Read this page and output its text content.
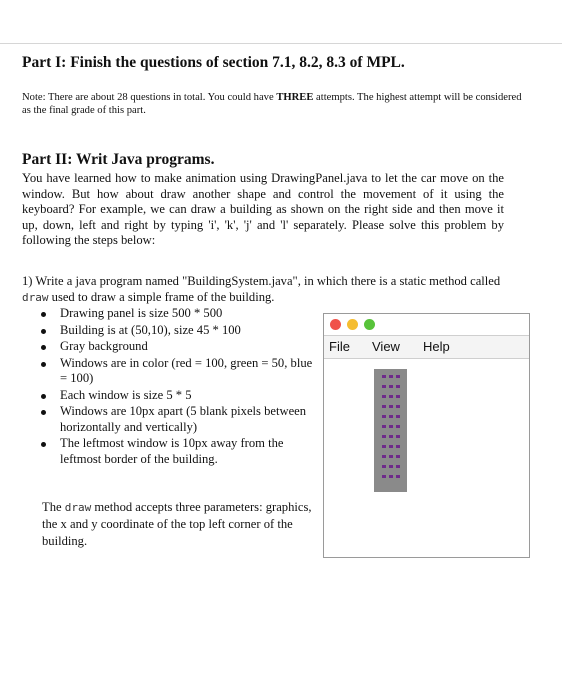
Part I: Finish the questions of section 7.1, 8.2, 8.3 of MPL.
Note: There are about 28 questions in total. You could have THREE attempts. The highest attempt will be considered as the final grade of this part.
Part II: Writ Java programs.
You have learned how to make animation using DrawingPanel.java to let the car move on the window. But how about draw another shape and control the movement of it using the keyboard? For example, we can draw a building as shown on the right side and then move it up, down, left and right by typing 'i', 'k', 'j' and 'l' separately. Please solve this problem by following the steps below:
1) Write a java program named "BuildingSystem.java", in which there is a static method called draw used to draw a simple frame of the building.
Drawing panel is size 500 * 500
Building is at (50,10), size 45 * 100
Gray background
Windows are in color (red = 100, green = 50, blue = 100)
Each window is size 5 * 5
Windows are 10px apart (5 blank pixels between horizontally and vertically)
The leftmost window is 10px away from the leftmost border of the building.
The draw method accepts three parameters: graphics, the x and y coordinate of the top left corner of the building.
File View Help
